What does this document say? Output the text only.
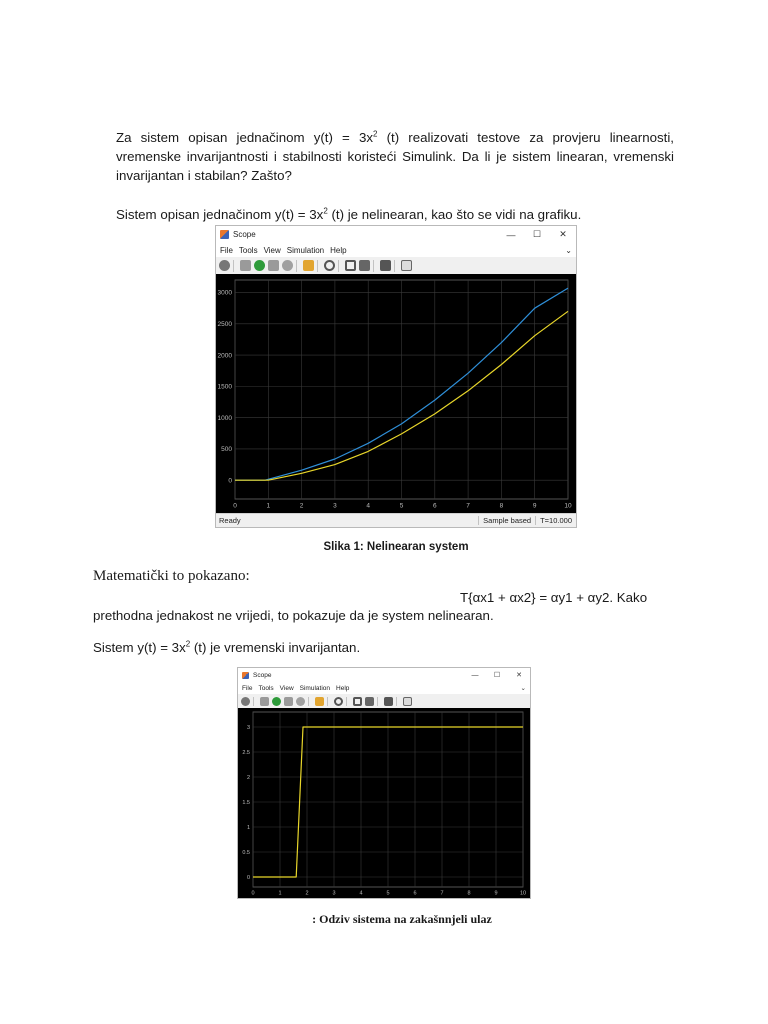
Za sistem opisan jednačinom $y(t) = 3x^2$ (t) realizovati testove za provjeru linearnosti, vremenske invarijantnosti i stabilnosti koristeći Simulink. Da li je sistem linearan, vremenski invarijantan i stabilan? Zašto?

Sistem opisan jednačinom $y(t) = 3x^2$ (t) je nelinearan, kao što se vidi na grafiku.

Scope	—	☐	✕
File Tools View Simulation Help	⌄
0	1	2	3	4	5	6	7	8	9	10
0
500
1000
1500
2000
2500
3000
Ready	Sample based	T=10.000
Slika 1: Nelinearan system

Matematički to pokazano:

T{αx1 + αx2} = αy1 + αy2. Kako

prethodna jednakost ne vrijedi, to pokazuje da je system nelinearan.

Sistem $y(t) = 3x^2$ (t) je vremenski invarijantan.

Scope	—	☐	✕
File Tools View Simulation Help	⌄
0	1	2	3	4	5	6	7	8	9	10
0
0.5
1
1.5
2
2.5
3
: Odziv sistema na zakašnnjeli ulaz
